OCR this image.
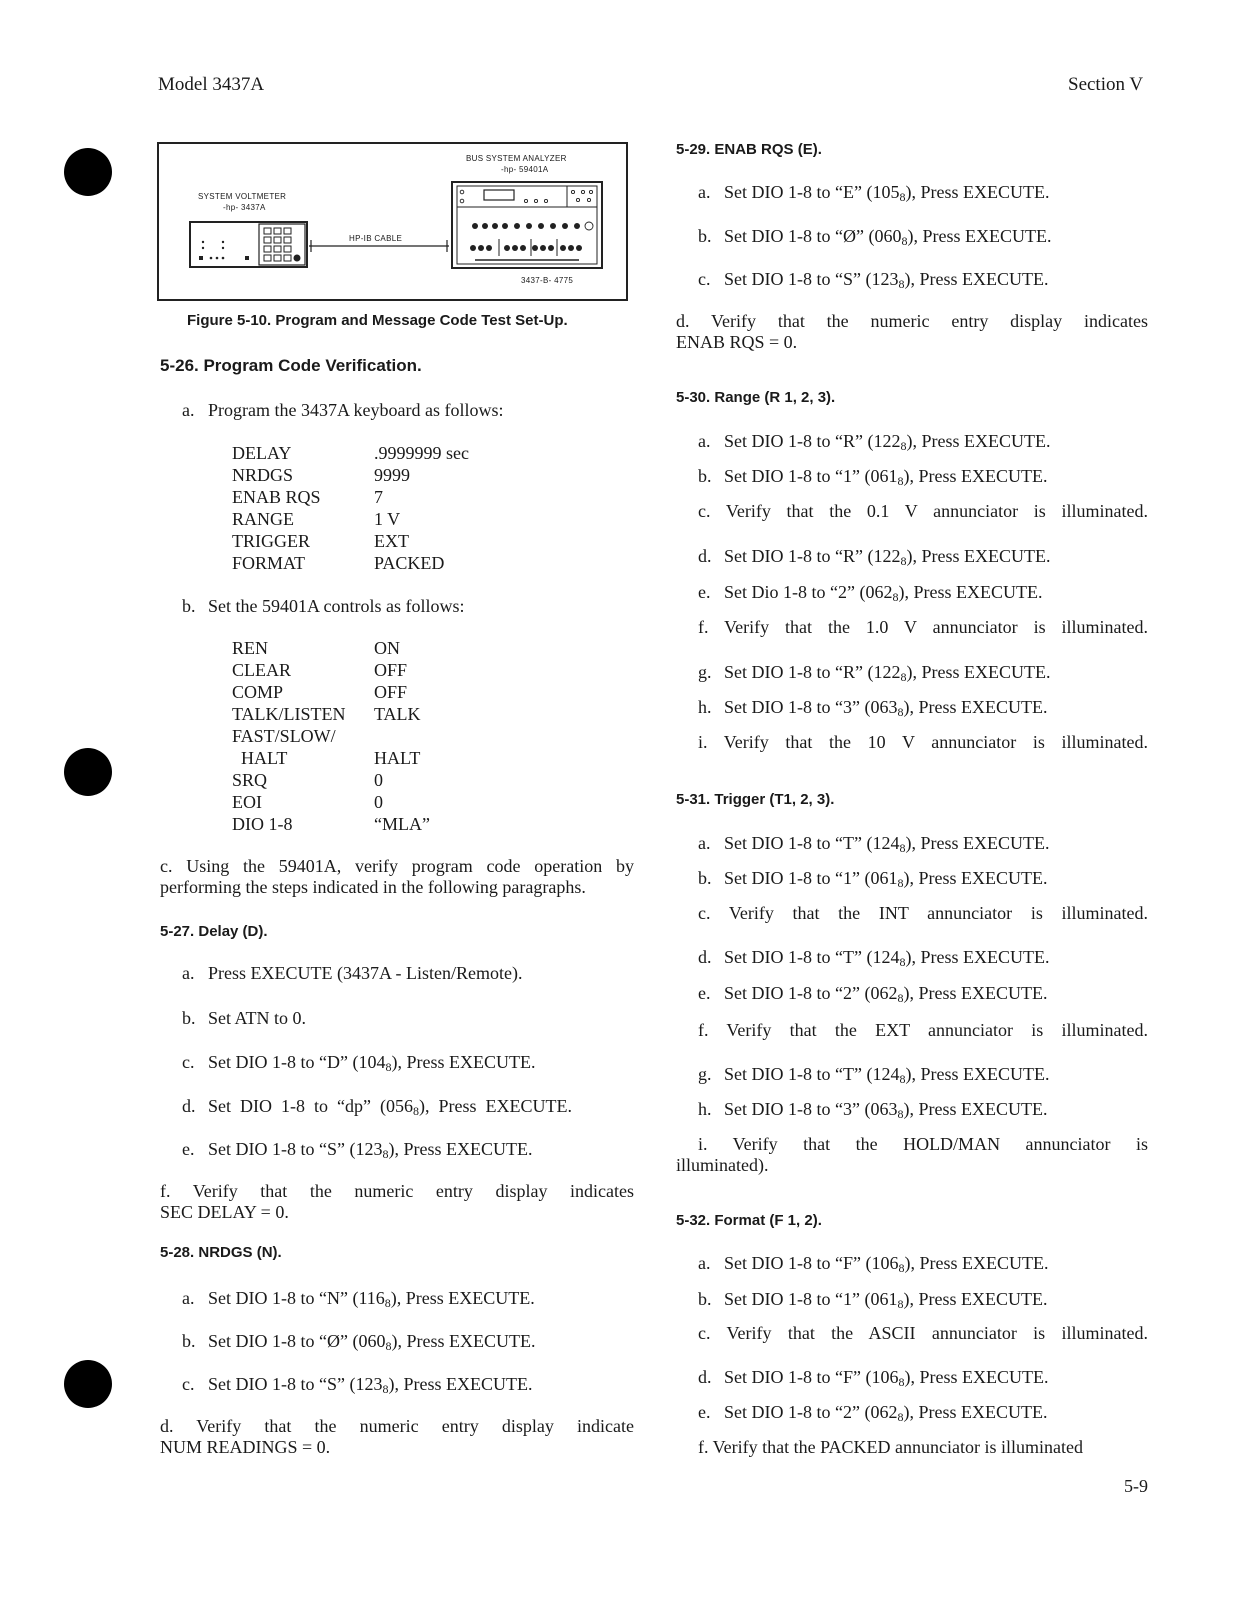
Model 3437A	Section V
BUS SYSTEM ANALYZER
-hp- 59401A
SYSTEM VOLTMETER
-hp- 3437A
HP-IB CABLE
3437-B- 4775
Figure 5-10. Program and Message Code Test Set-Up.
5-26. Program Code Verification.
a. Program the 3437A keyboard as follows:
DELAY	.9999999 sec
NRDGS	9999
ENAB RQS	7
RANGE	1 V
TRIGGER	EXT
FORMAT	PACKED
b. Set the 59401A controls as follows:
REN	ON
CLEAR	OFF
COMP	OFF
TALK/LISTEN TALK
FAST/SLOW/
HALT	HALT
SRQ	0
EOI	0
DIO 1-8	“MLA”
c. Using the 59401A, verify program code operation by
performing the steps indicated in the following paragraphs.
5-27. Delay (D).
a. Press EXECUTE (3437A - Listen/Remote).
b. Set ATN to 0.
c. Set DIO 1-8 to “D” $(104_8)$, Press EXECUTE.
d. Set  DIO  1-8  to  “dp”  $(056_8)$,  Press  EXECUTE.
e. Set DIO 1-8 to “S” $(123_8)$, Press EXECUTE.
f. Verify that the numeric entry display indicates
SEC DELAY = 0.
5-28. NRDGS (N).
a. Set DIO 1-8 to “N” $(116_8)$, Press EXECUTE.
b. Set DIO 1-8 to “Ø” $(060_8)$, Press EXECUTE.
c. Set DIO 1-8 to “S” $(123_8)$, Press EXECUTE.
d. Verify that the numeric entry display indicate
NUM READINGS = 0.
5-29. ENAB RQS (E).
a. Set DIO 1-8 to “E” $(105_8)$, Press EXECUTE.
b. Set DIO 1-8 to “Ø” $(060_8)$, Press EXECUTE.
c. Set DIO 1-8 to “S” $(123_8)$, Press EXECUTE.
d. Verify that the numeric entry display indicates
ENAB RQS = 0.
5-30. Range (R 1, 2, 3).
a. Set DIO 1-8 to “R” $(122_8)$, Press EXECUTE.
b. Set DIO 1-8 to “1” $(061_8)$, Press EXECUTE.
c. Verify that the 0.1 V annunciator is illuminated.
d. Set DIO 1-8 to “R” $(122_8)$, Press EXECUTE.
e. Set Dio 1-8 to “2” $(062_8)$, Press EXECUTE.
f. Verify that the 1.0 V annunciator is illuminated.
g. Set DIO 1-8 to “R” $(122_8)$, Press EXECUTE.
h. Set DIO 1-8 to “3” $(063_8)$, Press EXECUTE.
i. Verify that the 10 V annunciator is illuminated.
5-31. Trigger (T1, 2, 3).
a. Set DIO 1-8 to “T” $(124_8)$, Press EXECUTE.
b. Set DIO 1-8 to “1” $(061_8)$, Press EXECUTE.
c. Verify that the INT annunciator is illuminated.
d. Set DIO 1-8 to “T” $(124_8)$, Press EXECUTE.
e. Set DIO 1-8 to “2” $(062_8)$, Press EXECUTE.
f. Verify that the EXT annunciator is illuminated.
g. Set DIO 1-8 to “T” $(124_8)$, Press EXECUTE.
h. Set DIO 1-8 to “3” $(063_8)$, Press EXECUTE.
i. Verify that the HOLD/MAN annunciator is
illuminated).
5-32. Format (F 1, 2).
a. Set DIO 1-8 to “F” $(106_8)$, Press EXECUTE.
b. Set DIO 1-8 to “1” $(061_8)$, Press EXECUTE.
c. Verify that the ASCII annunciator is illuminated.
d. Set DIO 1-8 to “F” $(106_8)$, Press EXECUTE.
e. Set DIO 1-8 to “2” $(062_8)$, Press EXECUTE.
f. Verify that the PACKED annunciator is illuminated
5-9
